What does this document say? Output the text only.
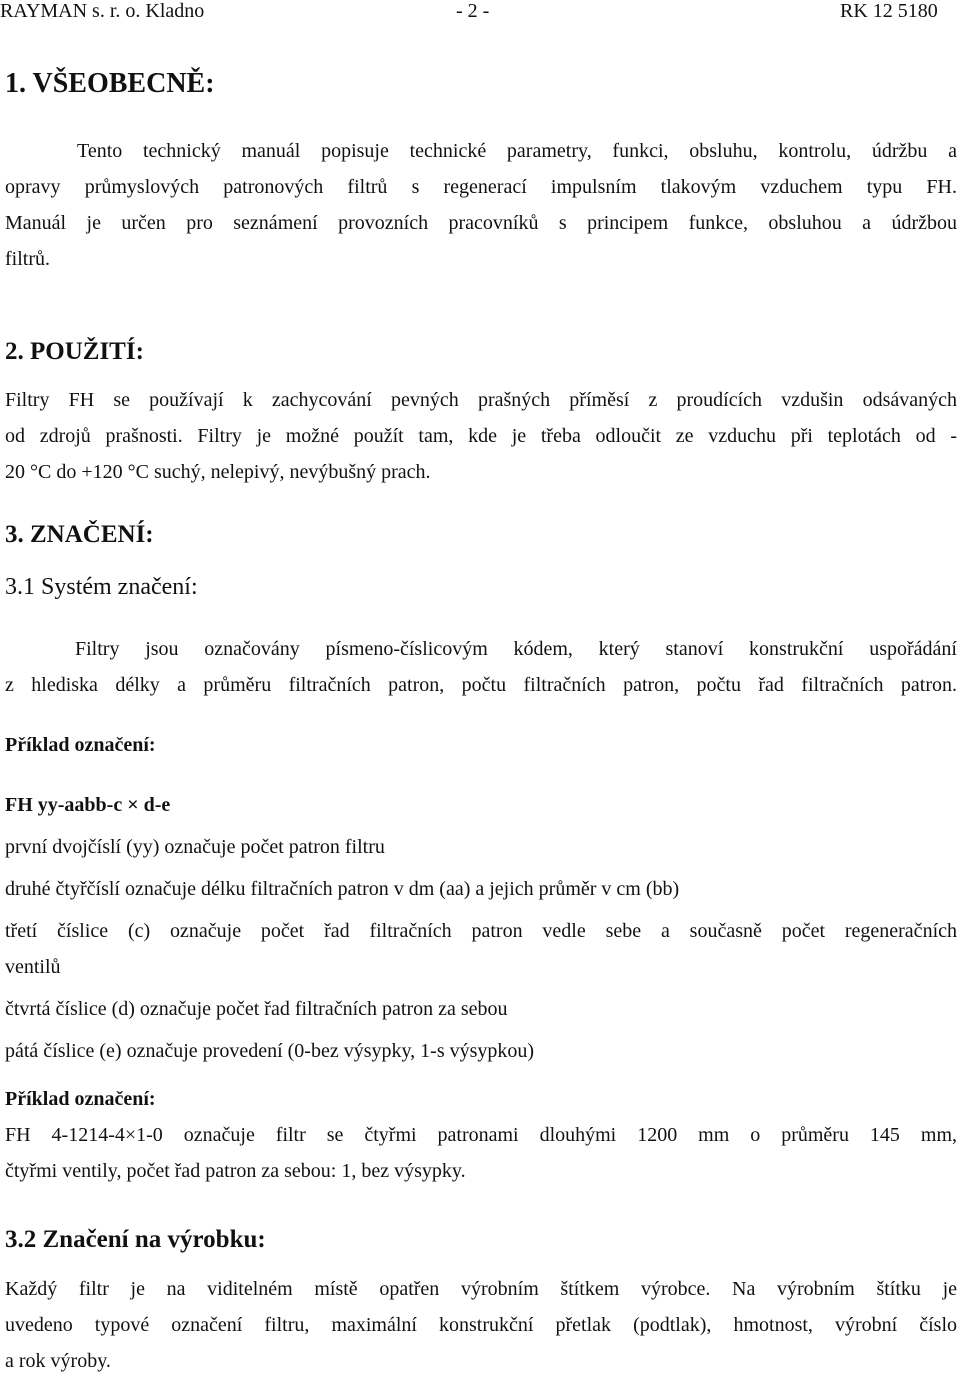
RAYMAN s. r. o. Kladno	- 2 -	RK 12 5180
1. VŠEOBECNĚ:
Tento technický manuál popisuje technické parametry, funkci, obsluhu, kontrolu, údržbu a
opravy průmyslových patronových filtrů s regenerací impulsním tlakovým vzduchem typu FH.
Manuál je určen pro seznámení provozních pracovníků s principem funkce, obsluhou a údržbou
filtrů.
2. POUŽITÍ:
Filtry FH se používají k zachycování pevných prašných příměsí z proudících vzdušin odsávaných
od zdrojů prašnosti. Filtry je možné použít tam, kde je třeba odloučit ze vzduchu při teplotách od -
20 °C do +120 °C suchý, nelepivý, nevýbušný prach.
3. ZNAČENÍ:
3.1 Systém značení:
Filtry jsou označovány písmeno-číslicovým kódem, který stanoví konstrukční uspořádání
z hlediska délky a průměru filtračních patron, počtu filtračních patron, počtu řad filtračních patron.
Příklad označení:
FH yy-aabb-c × d-e
první dvojčíslí (yy) označuje počet patron filtru
druhé čtyřčíslí označuje délku filtračních patron v dm (aa) a jejich průměr v cm (bb)
třetí číslice (c) označuje počet řad filtračních patron vedle sebe a současně počet regeneračních
ventilů
čtvrtá číslice (d) označuje počet řad filtračních patron za sebou
pátá číslice (e) označuje provedení (0-bez výsypky, 1-s výsypkou)
Příklad označení:
FH 4-1214-4×1-0 označuje filtr se čtyřmi patronami dlouhými 1200 mm o průměru 145 mm,
čtyřmi ventily, počet řad patron za sebou: 1, bez výsypky.
3.2 Značení na výrobku:
Každý filtr je na viditelném místě opatřen výrobním štítkem výrobce. Na výrobním štítku je
uvedeno typové označení filtru, maximální konstrukční přetlak (podtlak), hmotnost, výrobní číslo
a rok výroby.
